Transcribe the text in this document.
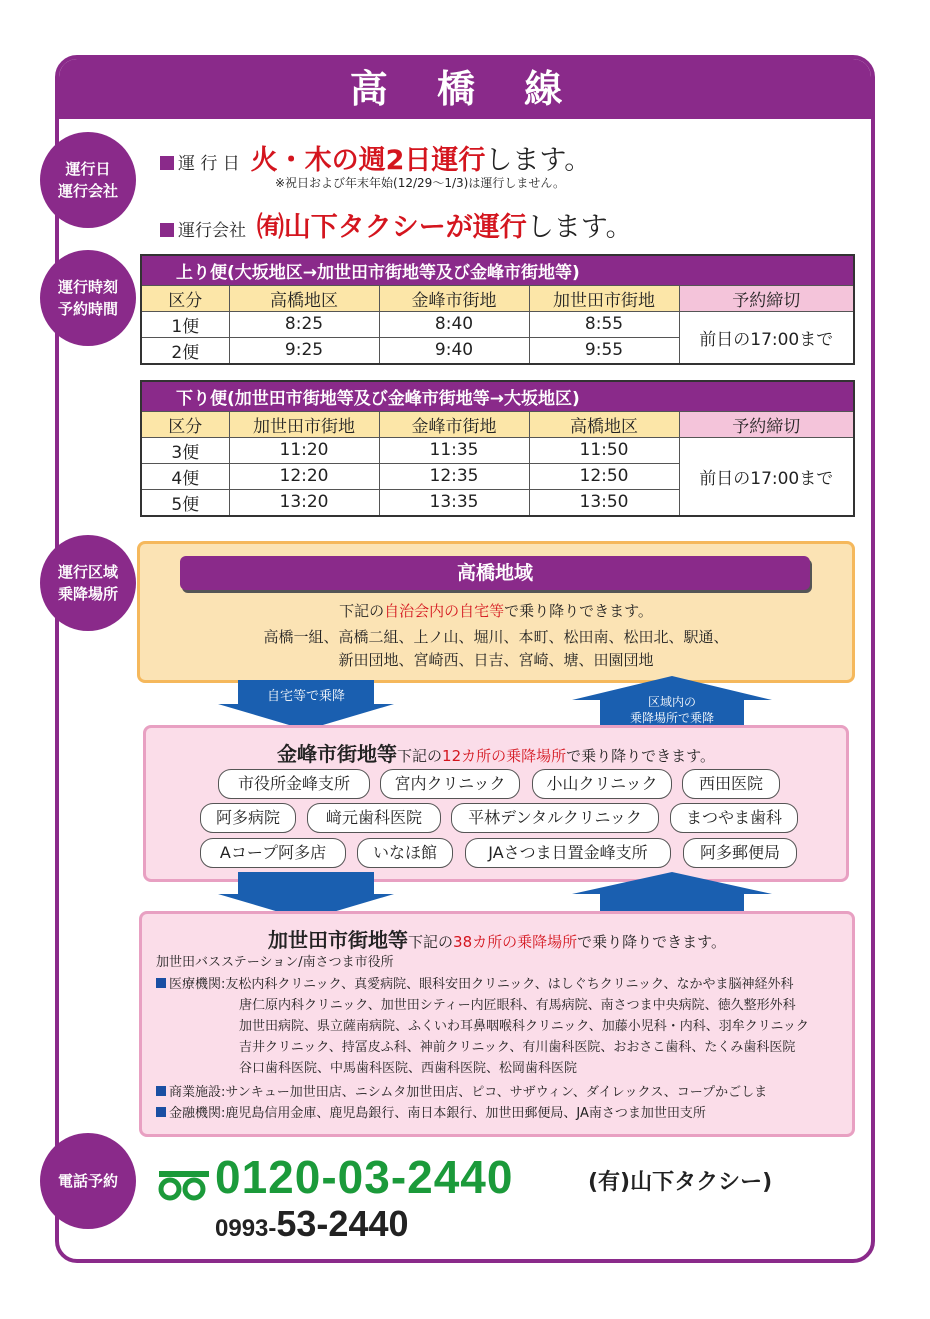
高 橋 線
運行日
運行会社
運行時刻
予約時間
運行区域
乗降場所
電話予約
運 行 日 火・木の週2日運行します。
※祝日および年末年始(12/29～1/3)は運行しません。
運行会社 ㈲山下タクシーが運行します。
上り便(大坂地区→加世田市街地等及び金峰市街地等)				
区分	高橋地区	金峰市街地	加世田市街地	予約締切
1便	8:25	8:40	8:55	前日の17:00まで
2便	9:25	9:40	9:55	
下り便(加世田市街地等及び金峰市街地等→大坂地区)				
区分	加世田市街地	金峰市街地	高橋地区	予約締切
3便	11:20	11:35	11:50	前日の17:00まで
4便	12:20	12:35	12:50	
5便	13:20	13:35	13:50	
高橋地域
下記の自治会内の自宅等で乗り降りできます。
高橋一組、高橋二組、上ノ山、堀川、本町、松田南、松田北、駅通、
新田団地、宮崎西、日吉、宮崎、塘、田園団地
自宅等で乗降	区域内の
乗降場所で乗降
金峰市街地等下記の12カ所の乗降場所で乗り降りできます。
市役所金峰支所	宮内クリニック	小山クリニック	西田医院
阿多病院	﨑元歯科医院	平林デンタルクリニック	まつやま歯科
Aコープ阿多店	いなほ館	JAさつま日置金峰支所	阿多郵便局
加世田市街地等下記の38カ所の乗降場所で乗り降りできます。
加世田バスステーション/南さつま市役所
医療機関:友松内科クリニック、真愛病院、眼科安田クリニック、はしぐちクリニック、なかやま脳神経外科
唐仁原内科クリニック、加世田シティー内匠眼科、有馬病院、南さつま中央病院、徳久整形外科
加世田病院、県立薩南病院、ふくいわ耳鼻咽喉科クリニック、加藤小児科・内科、羽牟クリニック
吉井クリニック、持冨皮ふ科、神前クリニック、有川歯科医院、おおさこ歯科、たくみ歯科医院
谷口歯科医院、中馬歯科医院、西歯科医院、松岡歯科医院
商業施設:サンキュー加世田店、ニシムタ加世田店、ピコ、サザウィン、ダイレックス、コープかごしま
金融機関:鹿児島信用金庫、鹿児島銀行、南日本銀行、加世田郵便局、JA南さつま加世田支所
0120-03-2440	(有)山下タクシー)
0993-53-2440
